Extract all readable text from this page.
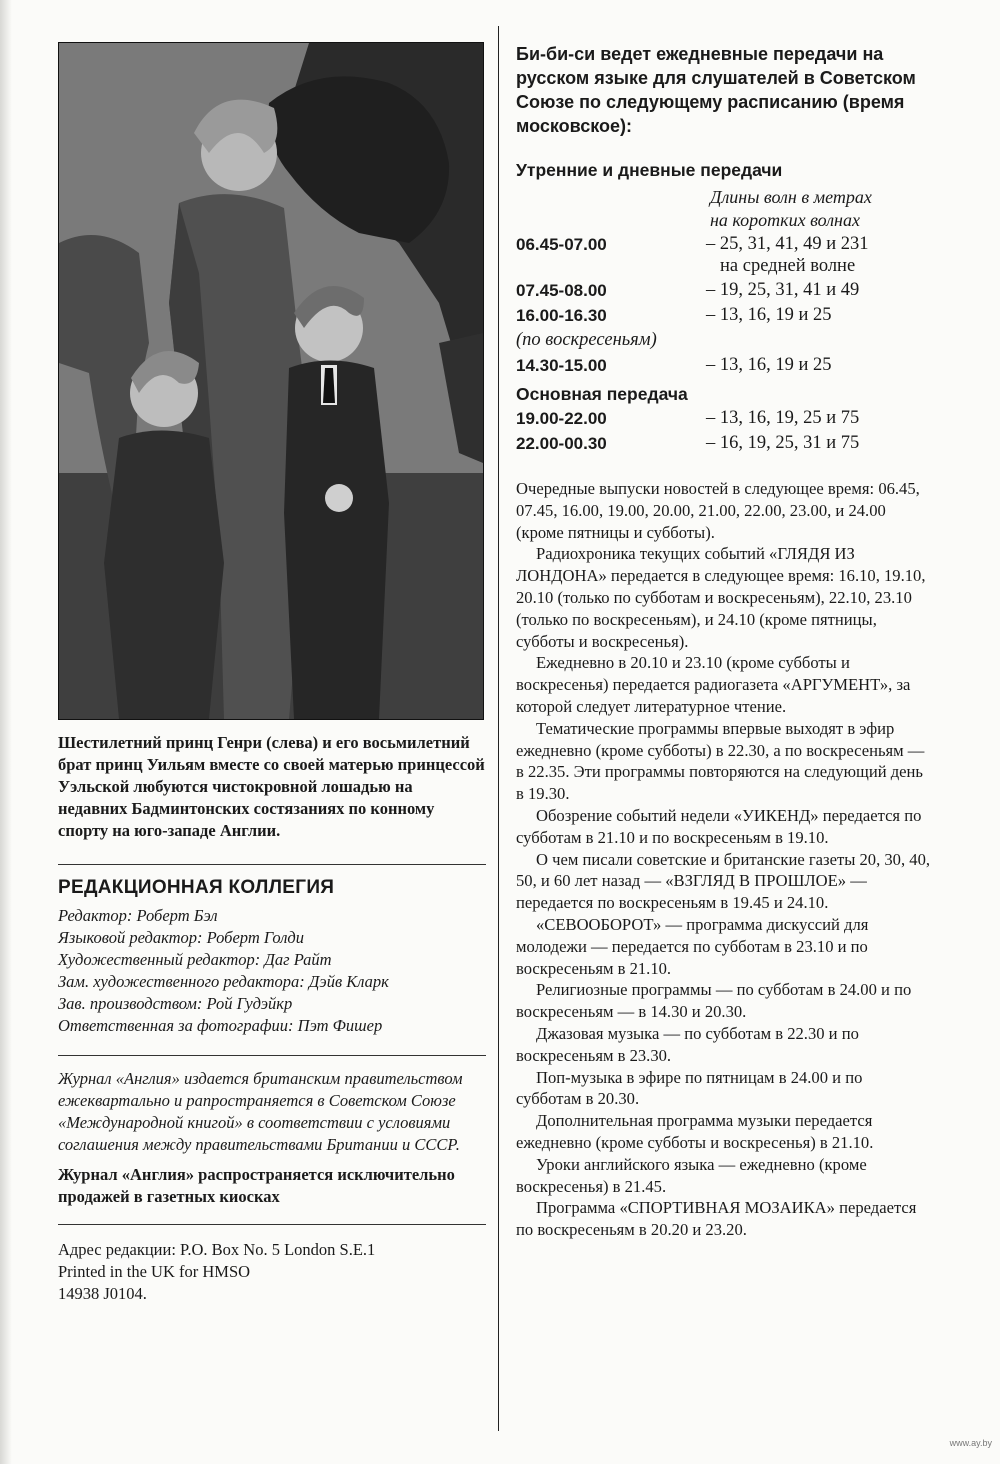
Шестилетний принц Генри (слева) и его восьмилетний брат принц Уильям вместе со своей матерью принцессой Уэльской любуются чистокровной лошадью на недавних Бадминтонских состязаниях по конному спорту на юго-западе Англии.
РЕДАКЦИОННАЯ КОЛЛЕГИЯ
Редактор: Роберт Бэл
Языковой редактор: Роберт Голди
Художественный редактор: Даг Райт
Зам. художественного редактора: Дэйв Кларк
Зав. производством: Рой Гудэйкр
Ответственная за фотографии: Пэт Фишер
Журнал «Англия» издается британским правительством ежеквартально и рапространяется в Советском Союзе «Международной книгой» в соответствии с условиями соглашения между правительствами Британии и СССР.
Журнал «Англия» распространяется исключительно продажей в газетных киосках
Адрес редакции: P.O. Box No. 5 London S.E.1
Printed in the UK for HMSO
14938 J0104.
Би-би-си ведет ежедневные передачи на русском языке для слушателей в Советском Союзе по следующему расписанию (время московское):
Утренние и дневные передачи
Длины волн в метрах
на коротких волнах
06.45-07.00	– 25, 31, 41, 49 и 231
на средней волне
07.45-08.00	– 19, 25, 31, 41 и 49
16.00-16.30	– 13, 16, 19 и 25
(по воскресеньям)
14.30-15.00	– 13, 16, 19 и 25
Основная передача
19.00-22.00	– 13, 16, 19, 25 и 75
22.00-00.30	– 16, 19, 25, 31 и 75

Очередные выпуски новостей в следующее время: 06.45, 07.45, 16.00, 19.00, 20.00, 21.00, 22.00, 23.00, и 24.00 (кроме пятницы и субботы).

Радиохроника текущих событий «ГЛЯДЯ ИЗ ЛОНДОНА» передается в следующее время: 16.10, 19.10, 20.10 (только по субботам и воскресеньям), 22.10, 23.10 (только по воскресеньям), и 24.10 (кроме пятницы, субботы и воскресенья).

Ежедневно в 20.10 и 23.10 (кроме субботы и воскресенья) передается радиогазета «АРГУМЕНТ», за которой следует литературное чтение.

Тематические программы впервые выходят в эфир ежедневно (кроме субботы) в 22.30, а по воскресеньям — в 22.35. Эти программы повторяются на следующий день в 19.30.

Обозрение событий недели «УИКЕНД» передается по субботам в 21.10 и по воскресеньям в 19.10.

О чем писали советские и британские газеты 20, 30, 40, 50, и 60 лет назад — «ВЗГЛЯД В ПРОШЛОЕ» — передается по воскресеньям в 19.45 и 24.10.

«СЕВООБОРОТ» — программа дискуссий для молодежи — передается по субботам в 23.10 и по воскресеньям в 21.10.

Религиозные программы — по субботам в 24.00 и по воскресеньям — в 14.30 и 20.30.

Джазовая музыка — по субботам в 22.30 и по воскресеньям в 23.30.

Поп-музыка в эфире по пятницам в 24.00 и по субботам в 20.30.

Дополнительная программа музыки передается ежедневно (кроме субботы и воскресенья) в 21.10.

Уроки английского языка — ежедневно (кроме воскресенья) в 21.45.

Программа «СПОРТИВНАЯ МОЗАИКА» передается по воскресеньям в 20.20 и 23.20.

www.ay.by
